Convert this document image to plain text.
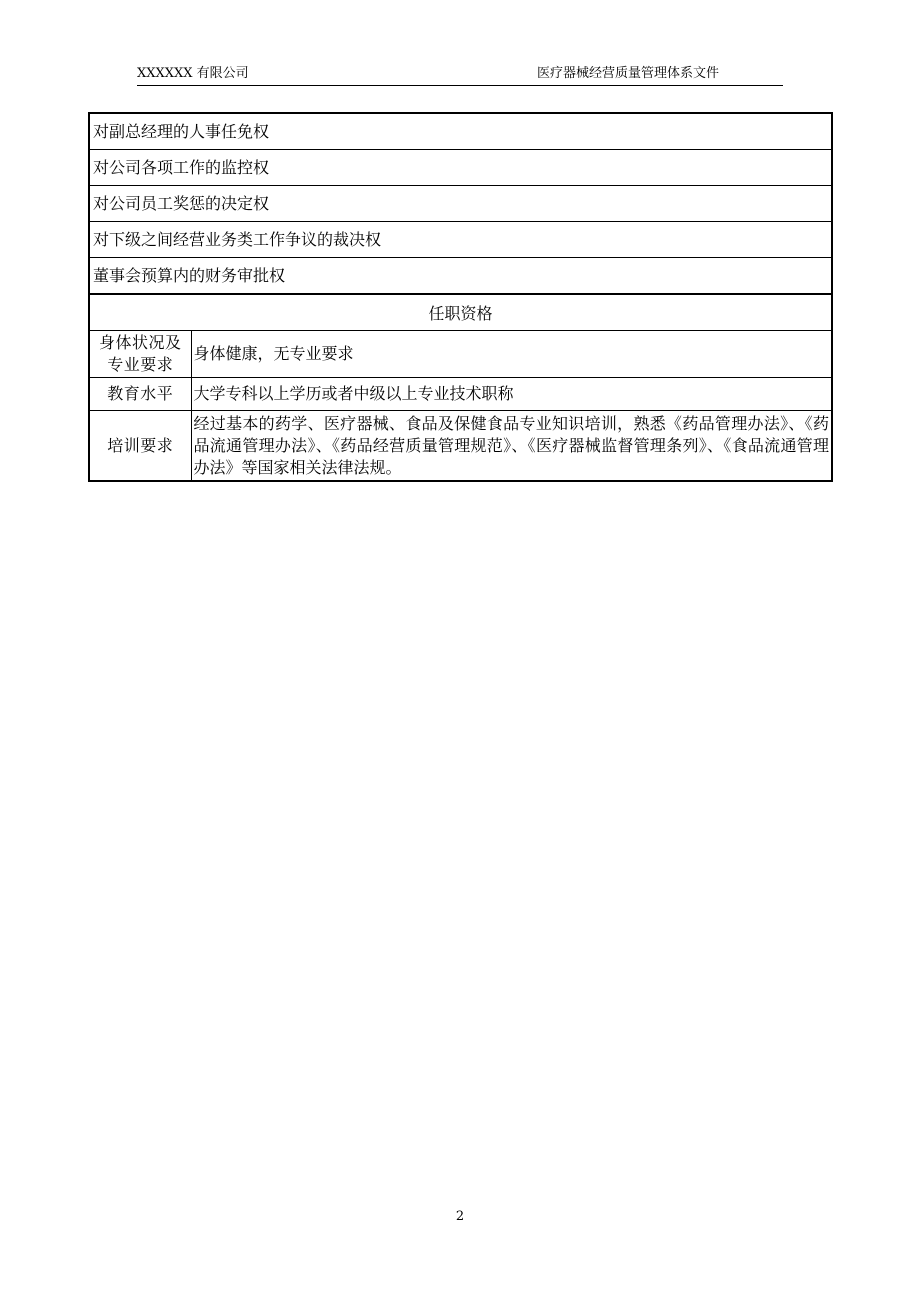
XXXXXX 有限公司	医疗器械经营质量管理体系文件
对副总经理的人事任免权	
对公司各项工作的监控权	
对公司员工奖惩的决定权	
对下级之间经营业务类工作争议的裁决权	
董事会预算内的财务审批权	
任职资格	
身体状况及专业要求	身体健康，无专业要求
教育水平	大学专科以上学历或者中级以上专业技术职称
培训要求	经过基本的药学、医疗器械、食品及保健食品专业知识培训，熟悉《药品管理办法》、《药品流通管理办法》、《药品经营质量管理规范》、《医疗器械监督管理条列》、《食品流通管理办法》等国家相关法律法规。
2
